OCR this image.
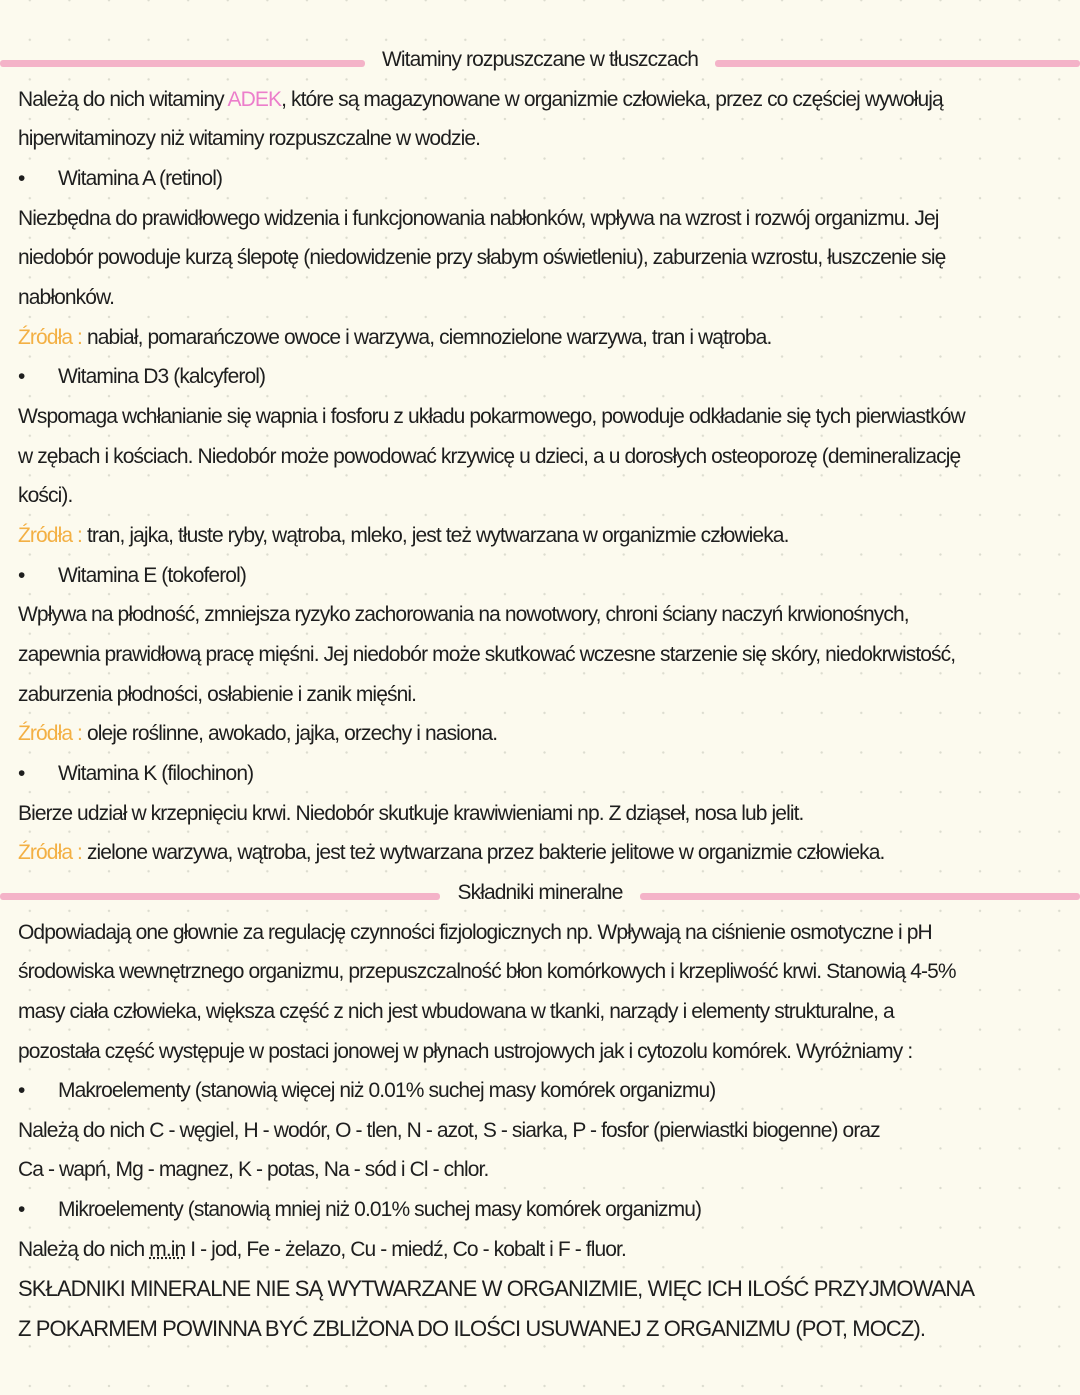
Witaminy rozpuszczane w tłuszczach
Należą do nich witaminy ADEK, które są magazynowane w organizmie człowieka, przez co częściej wywołują
hiperwitaminozy niż witaminy rozpuszczalne w wodzie.
• Witamina A (retinol)
Niezbędna do prawidłowego widzenia i funkcjonowania nabłonków, wpływa na wzrost i rozwój organizmu. Jej
niedobór powoduje kurzą ślepotę (niedowidzenie przy słabym oświetleniu), zaburzenia wzrostu, łuszczenie się
nabłonków.
Źródła : nabiał, pomarańczowe owoce i warzywa, ciemnozielone warzywa, tran i wątroba.
• Witamina D3 (kalcyferol)
Wspomaga wchłanianie się wapnia i fosforu z układu pokarmowego, powoduje odkładanie się tych pierwiastków
w zębach i kościach. Niedobór może powodować krzywicę u dzieci, a u dorosłych osteoporozę (demineralizację
kości).
Źródła : tran, jajka, tłuste ryby, wątroba, mleko, jest też wytwarzana w organizmie człowieka.
• Witamina E (tokoferol)
Wpływa na płodność, zmniejsza ryzyko zachorowania na nowotwory, chroni ściany naczyń krwionośnych,
zapewnia prawidłową pracę mięśni. Jej niedobór może skutkować wczesne starzenie się skóry, niedokrwistość,
zaburzenia płodności, osłabienie i zanik mięśni.
Źródła : oleje roślinne, awokado, jajka, orzechy i nasiona.
• Witamina K (filochinon)
Bierze udział w krzepnięciu krwi. Niedobór skutkuje krawiwieniami np. Z dziąseł, nosa lub jelit.
Źródła : zielone warzywa, wątroba, jest też wytwarzana przez bakterie jelitowe w organizmie człowieka.
Składniki mineralne
Odpowiadają one głownie za regulację czynności fizjologicznych np. Wpływają na ciśnienie osmotyczne i pH
środowiska wewnętrznego organizmu, przepuszczalność błon komórkowych i krzepliwość krwi. Stanowią 4-5%
masy ciała człowieka, większa część z nich jest wbudowana w tkanki, narządy i elementy strukturalne, a
pozostała część występuje w postaci jonowej w płynach ustrojowych jak i cytozolu komórek. Wyróżniamy :
• Makroelementy (stanowią więcej niż 0.01% suchej masy komórek organizmu)
Należą do nich C - węgiel, H - wodór, O - tlen, N - azot, S - siarka, P - fosfor (pierwiastki biogenne) oraz
Ca - wapń, Mg - magnez, K - potas, Na - sód i Cl - chlor.
• Mikroelementy (stanowią mniej niż 0.01% suchej masy komórek organizmu)
Należą do nich m.in I - jod, Fe - żelazo, Cu - miedź, Co - kobalt i F - fluor.
SKŁADNIKI MINERALNE NIE SĄ WYTWARZANE W ORGANIZMIE, WIĘC ICH ILOŚĆ PRZYJMOWANA
Z POKARMEM POWINNA BYĆ ZBLIŻONA DO ILOŚCI USUWANEJ Z ORGANIZMU (POT, MOCZ).
